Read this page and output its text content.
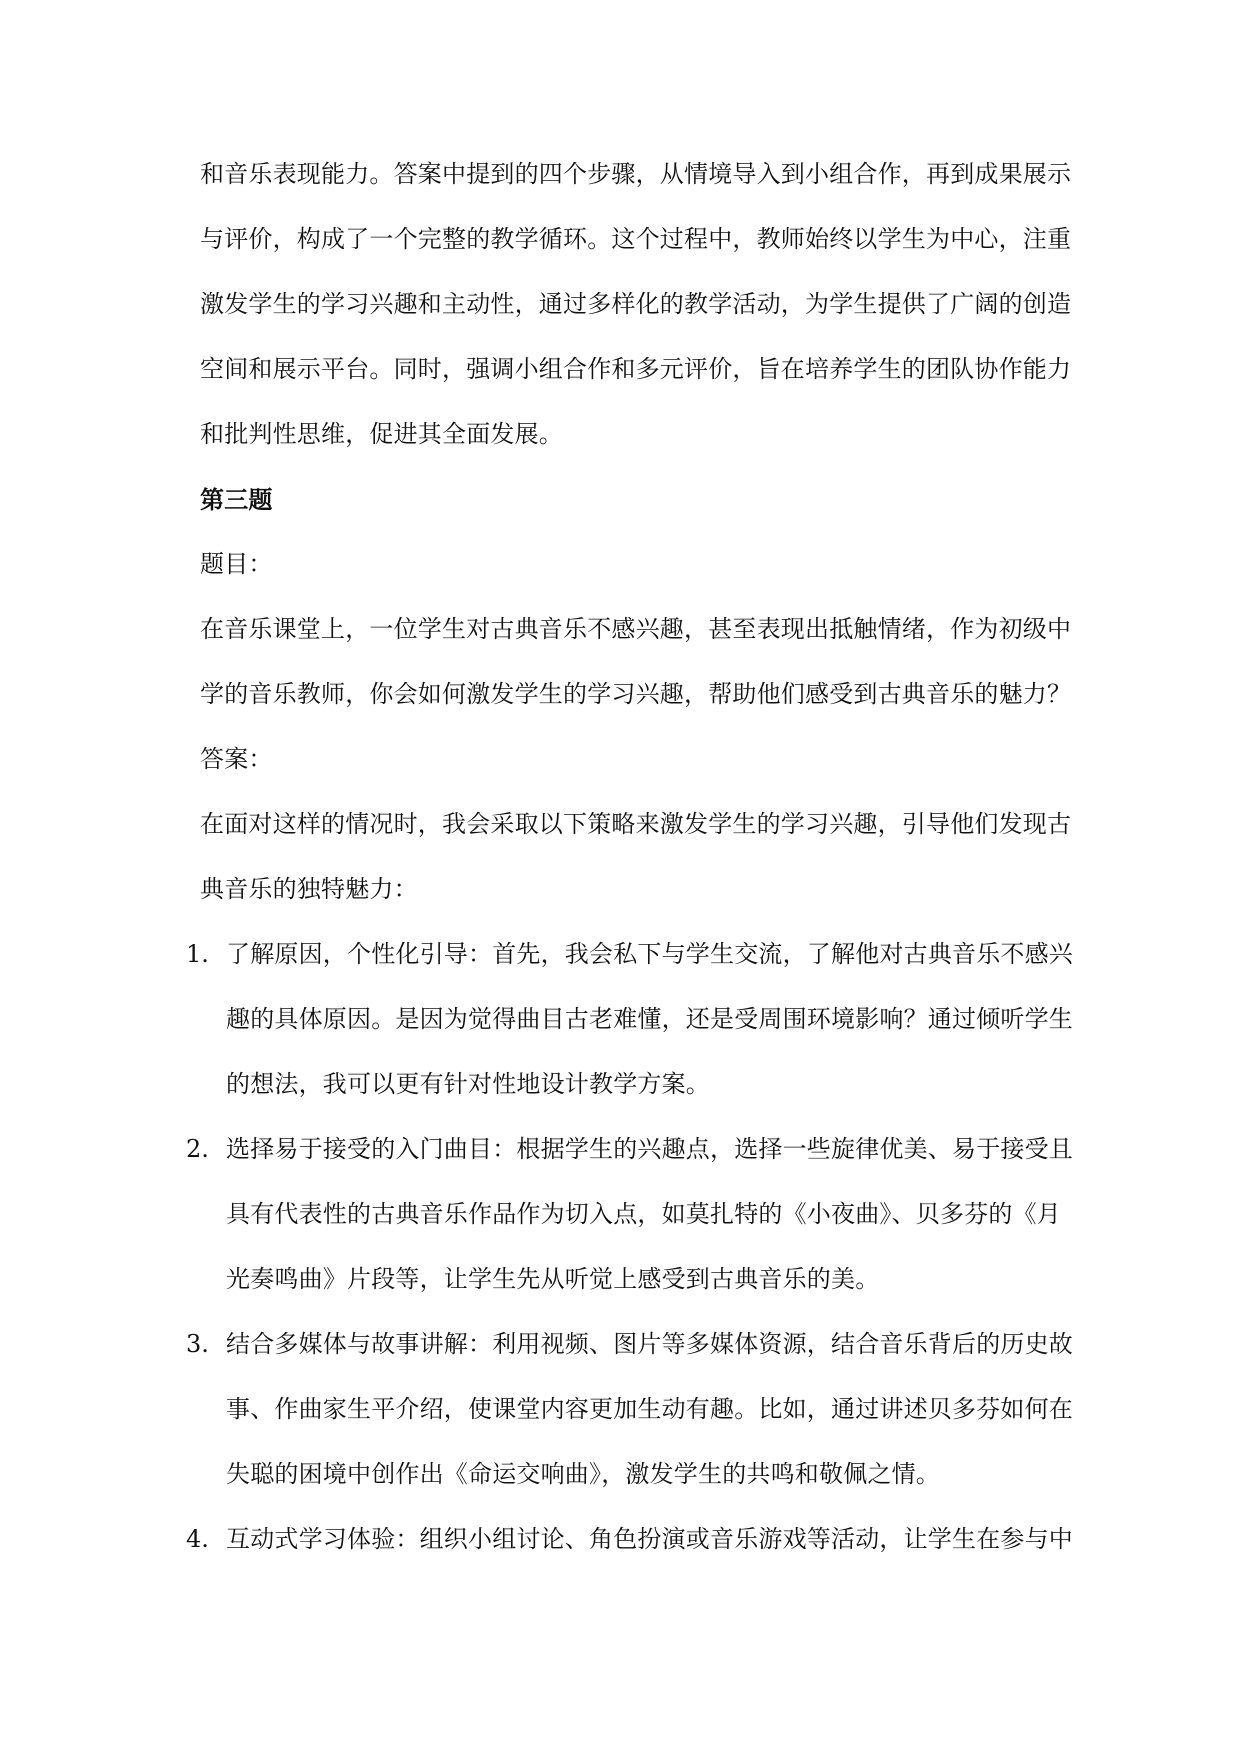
和音乐表现能力。答案中提到的四个步骤，从情境导入到小组合作，再到成果展示
与评价，构成了一个完整的教学循环。这个过程中，教师始终以学生为中心，注重
激发学生的学习兴趣和主动性，通过多样化的教学活动，为学生提供了广阔的创造
空间和展示平台。同时，强调小组合作和多元评价，旨在培养学生的团队协作能力
和批判性思维，促进其全面发展。
第三题
题目：
在音乐课堂上，一位学生对古典音乐不感兴趣，甚至表现出抵触情绪，作为初级中
学的音乐教师，你会如何激发学生的学习兴趣，帮助他们感受到古典音乐的魅力？
答案：
在面对这样的情况时，我会采取以下策略来激发学生的学习兴趣，引导他们发现古
典音乐的独特魅力：
1. 了解原因，个性化引导：首先，我会私下与学生交流，了解他对古典音乐不感兴
趣的具体原因。是因为觉得曲目古老难懂，还是受周围环境影响？通过倾听学生
的想法，我可以更有针对性地设计教学方案。
2. 选择易于接受的入门曲目：根据学生的兴趣点，选择一些旋律优美、易于接受且
具有代表性的古典音乐作品作为切入点，如莫扎特的《小夜曲》、贝多芬的《月
光奏鸣曲》片段等，让学生先从听觉上感受到古典音乐的美。
3. 结合多媒体与故事讲解：利用视频、图片等多媒体资源，结合音乐背后的历史故
事、作曲家生平介绍，使课堂内容更加生动有趣。比如，通过讲述贝多芬如何在
失聪的困境中创作出《命运交响曲》，激发学生的共鸣和敬佩之情。
4. 互动式学习体验：组织小组讨论、角色扮演或音乐游戏等活动，让学生在参与中
